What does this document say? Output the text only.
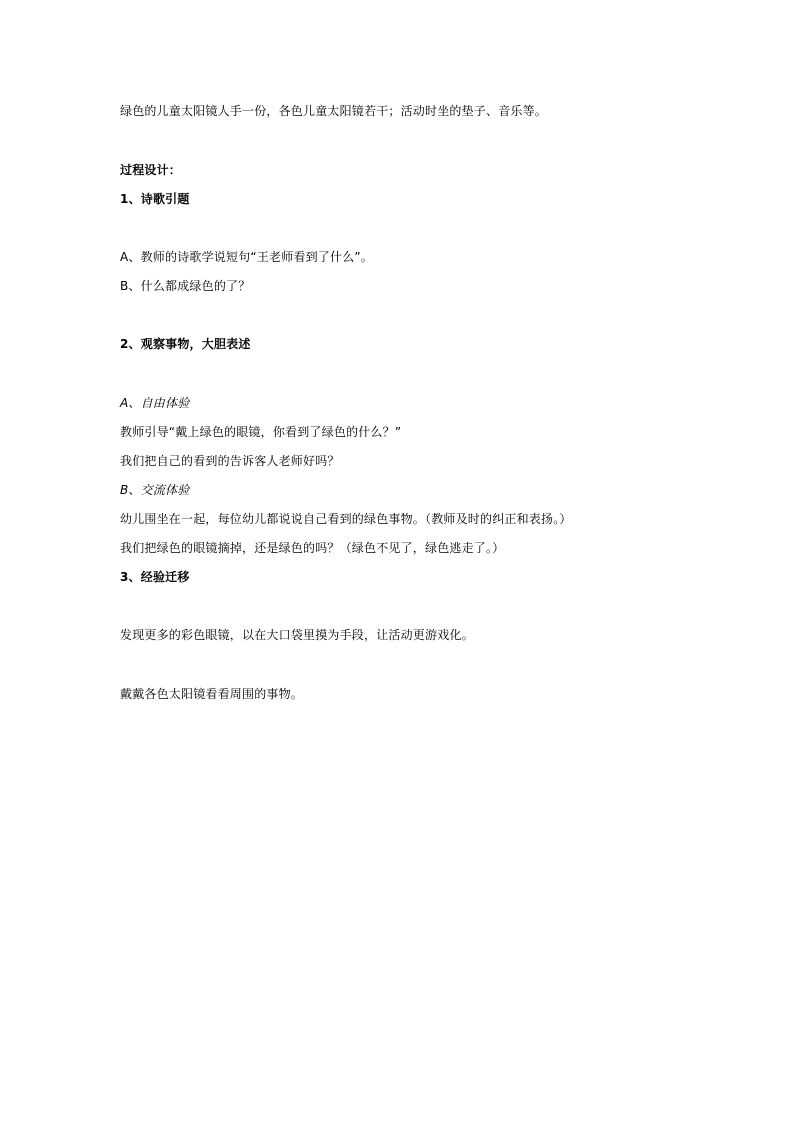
绿色的儿童太阳镜人手一份，各色儿童太阳镜若干；活动时坐的垫子、音乐等。
过程设计：
1、诗歌引题
A、教师的诗歌学说短句“王老师看到了什么”。
B、什么都成绿色的了？
2、观察事物，大胆表述
A、自由体验
教师引导“戴上绿色的眼镜，你看到了绿色的什么？”
我们把自己的看到的告诉客人老师好吗？
B、交流体验
幼儿围坐在一起，每位幼儿都说说自己看到的绿色事物。（教师及时的纠正和表扬。）
我们把绿色的眼镜摘掉，还是绿色的吗？（绿色不见了，绿色逃走了。）
3、经验迁移
发现更多的彩色眼镜，以在大口袋里摸为手段，让活动更游戏化。
戴戴各色太阳镜看看周围的事物。
